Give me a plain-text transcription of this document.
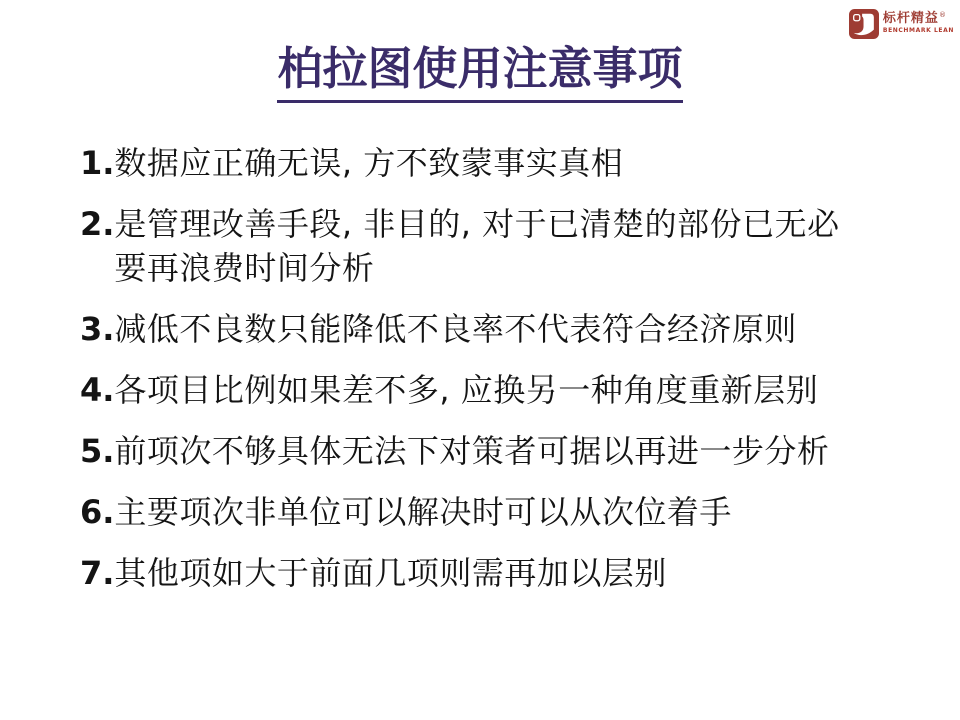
标杆精益®
BENCHMARK LEAN
柏拉图使用注意事项
1. 数据应正确无误, 方不致蒙事实真相
2. 是管理改善手段, 非目的, 对于已清楚的部份已无必要再浪费时间分析
3. 减低不良数只能降低不良率不代表符合经济原则
4. 各项目比例如果差不多, 应换另一种角度重新层别
5. 前项次不够具体无法下对策者可据以再进一步分析
6. 主要项次非单位可以解决时可以从次位着手
7. 其他项如大于前面几项则需再加以层别
